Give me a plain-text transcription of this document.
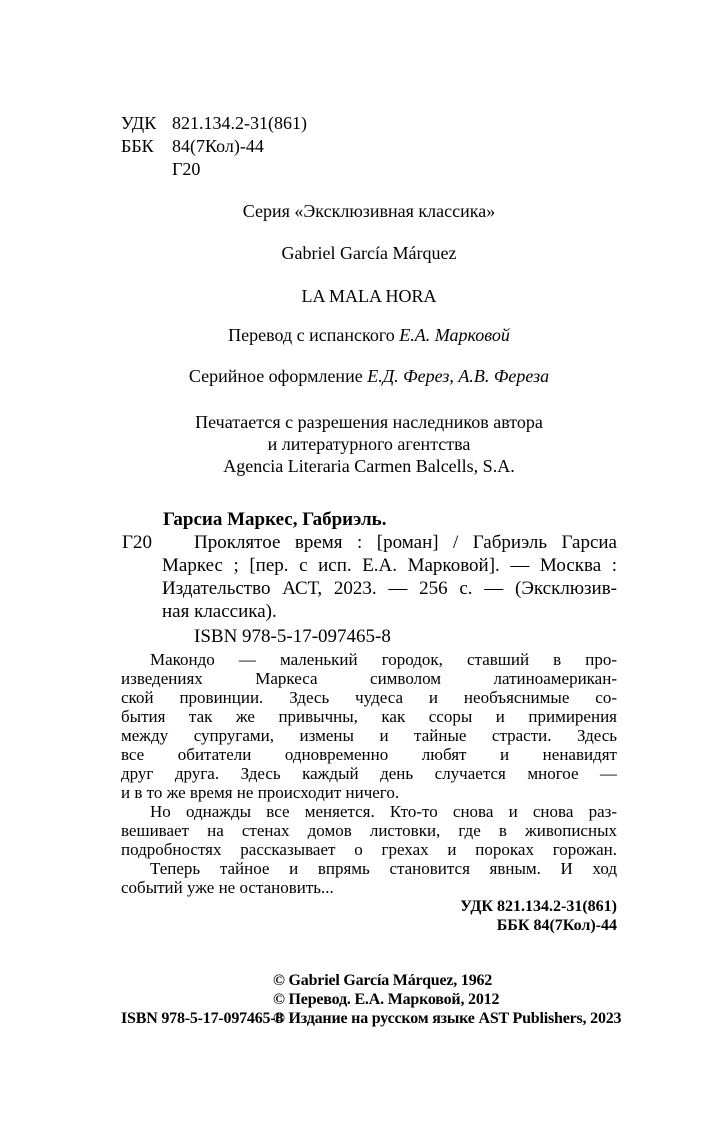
УДК 821.134.2-31(861)
ББК 84(7Кол)-44
Г20
Серия «Эксклюзивная классика»
Gabriel García Márquez
LA MALA HORA
Перевод с испанского Е.А. Марковой
Серийное оформление Е.Д. Ферез, А.В. Фереза
Печатается с разрешения наследников автора
и литературного агентства
Agencia Literaria Carmen Balcells, S.A.
Гарсиа Маркес, Габриэль.
Г20 Проклятое время : [роман] / Габриэль Гарсиа
Маркес ; [пер. с исп. Е.А. Марковой]. — Москва :
Издательство АСТ, 2023. — 256 с. — (Эксклюзив-
ная классика).
ISBN 978-5-17-097465-8
Макондо — маленький городок, ставший в про-
изведениях Маркеса символом латиноамерикан-
ской провинции. Здесь чудеса и необъяснимые со-
бытия так же привычны, как ссоры и примирения
между супругами, измены и тайные страсти. Здесь
все обитатели одновременно любят и ненавидят
друг друга. Здесь каждый день случается многое —
и в то же время не происходит ничего.
Но однажды все меняется. Кто-то снова и снова раз-
вешивает на стенах домов листовки, где в живописных
подробностях рассказывает о грехах и пороках горожан.
Теперь тайное и впрямь становится явным. И ход
событий уже не остановить...
УДК 821.134.2-31(861)
ББК 84(7Кол)-44
© Gabriel García Márquez, 1962
© Перевод. Е.А. Марковой, 2012
ISBN 978-5-17-097465-8
© Издание на русском языке AST Publishers, 2023
